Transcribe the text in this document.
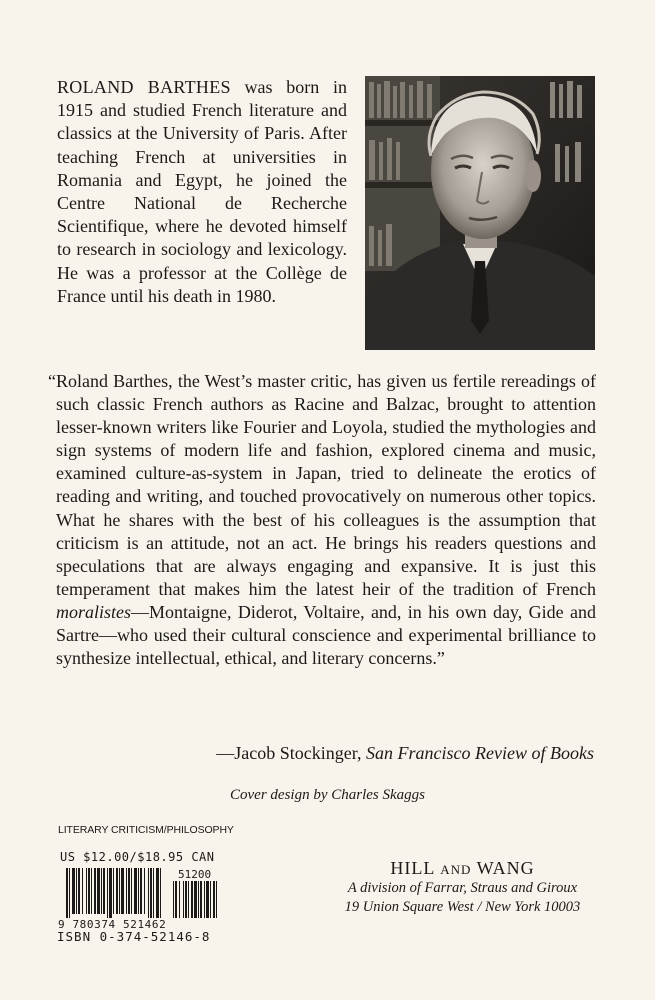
ROLAND BARTHES was born in 1915 and studied French literature and classics at the University of Paris. After teaching French at universities in Romania and Egypt, he joined the Centre National de Recherche Scientifique, where he devoted himself to research in sociology and lexicology. He was a professor at the Collège de France until his death in 1980.
“Roland Barthes, the West’s master critic, has given us fertile rereadings of such classic French authors as Racine and Balzac, brought to attention lesser-known writers like Fourier and Loyola, studied the mythologies and sign systems of modern life and fashion, explored cinema and music, examined culture-as-system in Japan, tried to delineate the erotics of reading and writing, and touched provocatively on numerous other topics. What he shares with the best of his colleagues is the assumption that criticism is an attitude, not an act. He brings his readers questions and speculations that are always engaging and expansive. It is just this temperament that makes him the latest heir of the tradition of French moralistes—Montaigne, Diderot, Voltaire, and, in his own day, Gide and Sartre—who used their cultural conscience and experimental brilliance to synthesize intellectual, ethical, and literary concerns.”
—Jacob Stockinger, San Francisco Review of Books
Cover design by Charles Skaggs
LITERARY CRITICISM/PHILOSOPHY
US $12.00/$18.95 CAN
51200
9 780374 521462
ISBN 0-374-52146-8
HILL and WANG
A division of Farrar, Straus and Giroux
19 Union Square West / New York 10003
